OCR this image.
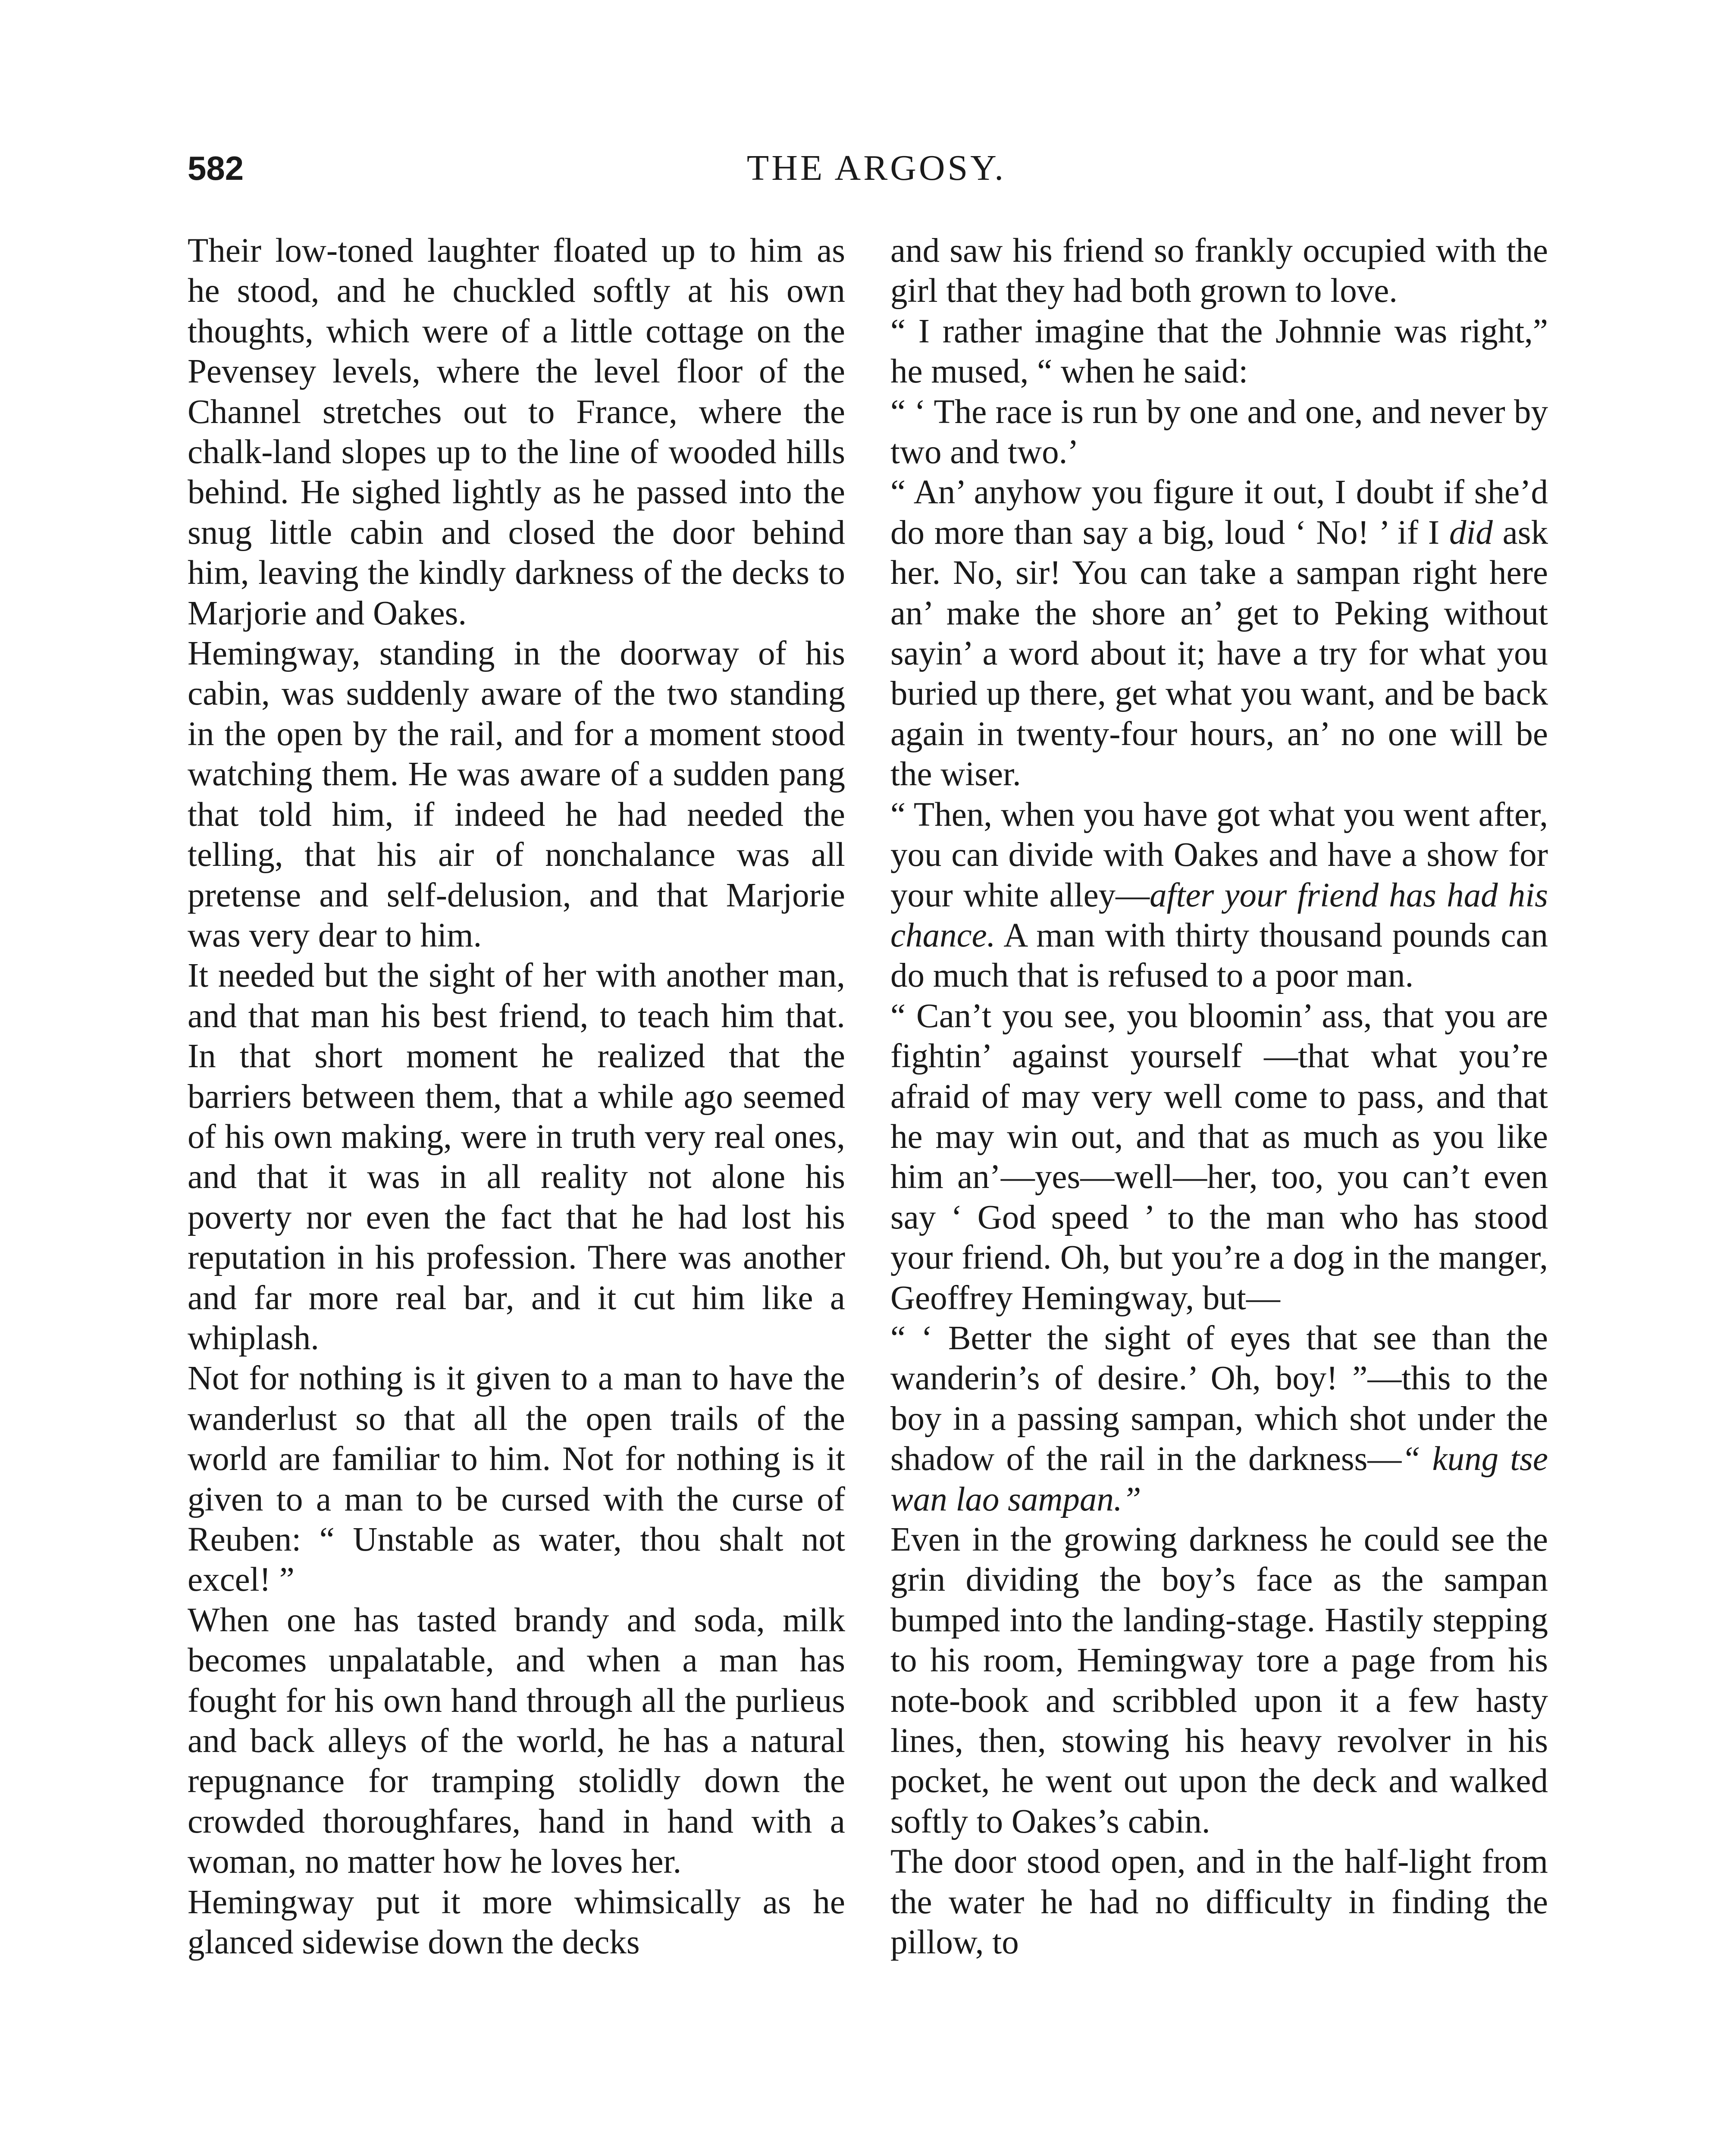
582	THE ARGOSY.

Their low-toned laughter floated up to him as he stood, and he chuckled softly at his own thoughts, which were of a little cottage on the Pevensey levels, where the level floor of the Channel stretches out to France, where the chalk-land slopes up to the line of wooded hills behind. He sighed lightly as he passed into the snug little cabin and closed the door behind him, leaving the kindly darkness of the decks to Marjorie and Oakes.

Hemingway, standing in the doorway of his cabin, was suddenly aware of the two standing in the open by the rail, and for a moment stood watching them. He was aware of a sudden pang that told him, if indeed he had needed the telling, that his air of nonchalance was all pretense and self-delusion, and that Marjorie was very dear to him.

It needed but the sight of her with another man, and that man his best friend, to teach him that. In that short moment he realized that the barriers between them, that a while ago seemed of his own making, were in truth very real ones, and that it was in all reality not alone his poverty nor even the fact that he had lost his reputation in his profession. There was another and far more real bar, and it cut him like a whiplash.

Not for nothing is it given to a man to have the wanderlust so that all the open trails of the world are familiar to him. Not for nothing is it given to a man to be cursed with the curse of Reuben: “ Unstable as water, thou shalt not excel! ”

When one has tasted brandy and soda, milk becomes unpalatable, and when a man has fought for his own hand through all the purlieus and back alleys of the world, he has a natural repugnance for tramping stolidly down the crowded thoroughfares, hand in hand with a woman, no matter how he loves her.

Hemingway put it more whimsically as he glanced sidewise down the decks

and saw his friend so frankly occupied with the girl that they had both grown to love.

“ I rather imagine that the Johnnie was right,” he mused, “ when he said:

“ ‘ The race is run by one and one, and never by two and two.’

“ An’ anyhow you figure it out, I doubt if she’d do more than say a big, loud ‘ No! ’ if I did ask her. No, sir! You can take a sampan right here an’ make the shore an’ get to Peking without sayin’ a word about it; have a try for what you buried up there, get what you want, and be back again in twenty-four hours, an’ no one will be the wiser.

“ Then, when you have got what you went after, you can divide with Oakes and have a show for your white alley—after your friend has had his chance. A man with thirty thousand pounds can do much that is refused to a poor man.

“ Can’t you see, you bloomin’ ass, that you are fightin’ against yourself —that what you’re afraid of may very well come to pass, and that he may win out, and that as much as you like him an’—yes—well—her, too, you can’t even say ‘ God speed ’ to the man who has stood your friend. Oh, but you’re a dog in the manger, Geoffrey Hemingway, but—

“ ‘ Better the sight of eyes that see than the wanderin’s of desire.’ Oh, boy! ”—this to the boy in a passing sampan, which shot under the shadow of the rail in the darkness—“ kung tse wan lao sampan.”

Even in the growing darkness he could see the grin dividing the boy’s face as the sampan bumped into the landing-stage. Hastily stepping to his room, Hemingway tore a page from his note-book and scribbled upon it a few hasty lines, then, stowing his heavy revolver in his pocket, he went out upon the deck and walked softly to Oakes’s cabin.

The door stood open, and in the half-light from the water he had no difficulty in finding the pillow, to
